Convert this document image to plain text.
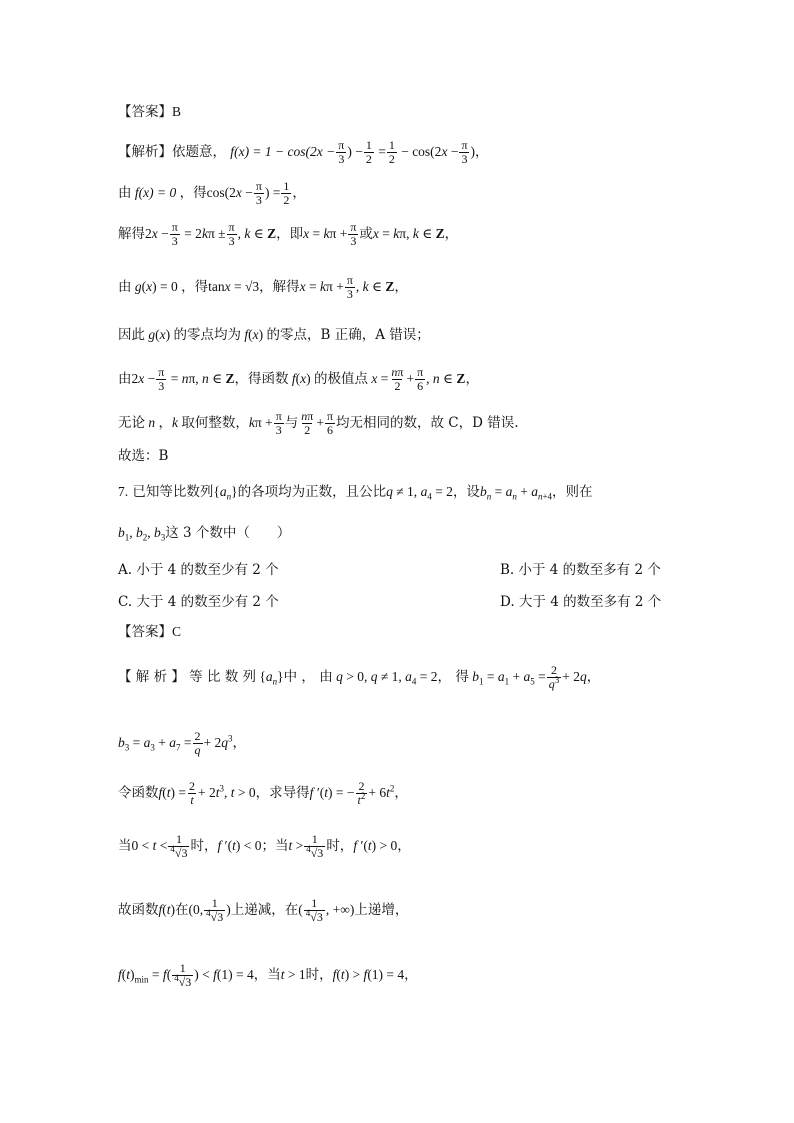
【答案】B
【解析】依题意， $f(x) = 1 - \cos(2x - \frac{\pi}{3}$ ) − $\frac{1}{2} = \frac{1}{2} - \cos(2x - \frac{\pi}{3}$ )，
由 f(x) = 0 ，得$\cos(2x - \frac{\pi}{3}$ ) = $\frac{1}{2}$ ，
解得$2x - \frac{\pi}{3} = 2k\pi \pm \frac{\pi}{3}$ , k ∈ Z，即$x = k\pi + \frac{\pi}{3}$ 或x = kπ, k ∈ Z，
由 g(x) = 0 ，得tanx = √3，解得$x = k\pi + \frac{\pi}{3}$ , k ∈ Z，
因此 g(x) 的零点均为 f(x) 的零点，B 正确，A 错误；
由$2x - \frac{\pi}{3} = n\pi$, n ∈ Z，得函数 f(x) 的极值点 $x = \frac{n\pi}{2} + \frac{\pi}{6}$ , n ∈ Z，
无论 n ，k 取何整数，$k\pi + \frac{\pi}{3}$ 与 $\frac{n\pi}{2} + \frac{\pi}{6}$ 均无相同的数，故 C，D 错误.
故选：B
7. 已知等比数列$\{a_n\}$的各项均为正数，且公比q ≠ 1, $a_4 = 2$，设$b_n = a_n + a_{n+4}$，则在
$b_1$, $b_2$, $b_3$这 3 个数中（　　）
A. 小于 4 的数至少有 2 个	B. 小于 4 的数至多有 2 个
C. 大于 4 的数至少有 2 个	D. 大于 4 的数至多有 2 个
【答案】C
【 解 析 】 等 比 数 列 $\{a_n\}$中 ， 由 q > 0, q ≠ 1, $a_4 = 2$， 得 $b_1 = a_1 + a_5 = \frac{2}{q^3} + 2q$，
$b_3 = a_3 + a_7 = \frac{2}{q} + 2q^3$，
令函数$f(t) = \frac{2}{t} + 2t^3$, t > 0，求导得f ′(t) = − $\frac{2}{t^2} + 6t^2$，
当$0 < t < \frac{1}{^4√3}$ 时，f ′(t) < 0；当$t > \frac{1}{^4√3}$ 时，f ′(t) > 0，
故函数f(t)在(0, $\frac{1}{^4√3}$ )上递减，在( $\frac{1}{^4√3}$ , +∞)上递增，
$f(t)_{min} = f( \frac{1}{^4√3}$ ) < f(1) = 4，当t > 1时，f(t) > f(1) = 4，
